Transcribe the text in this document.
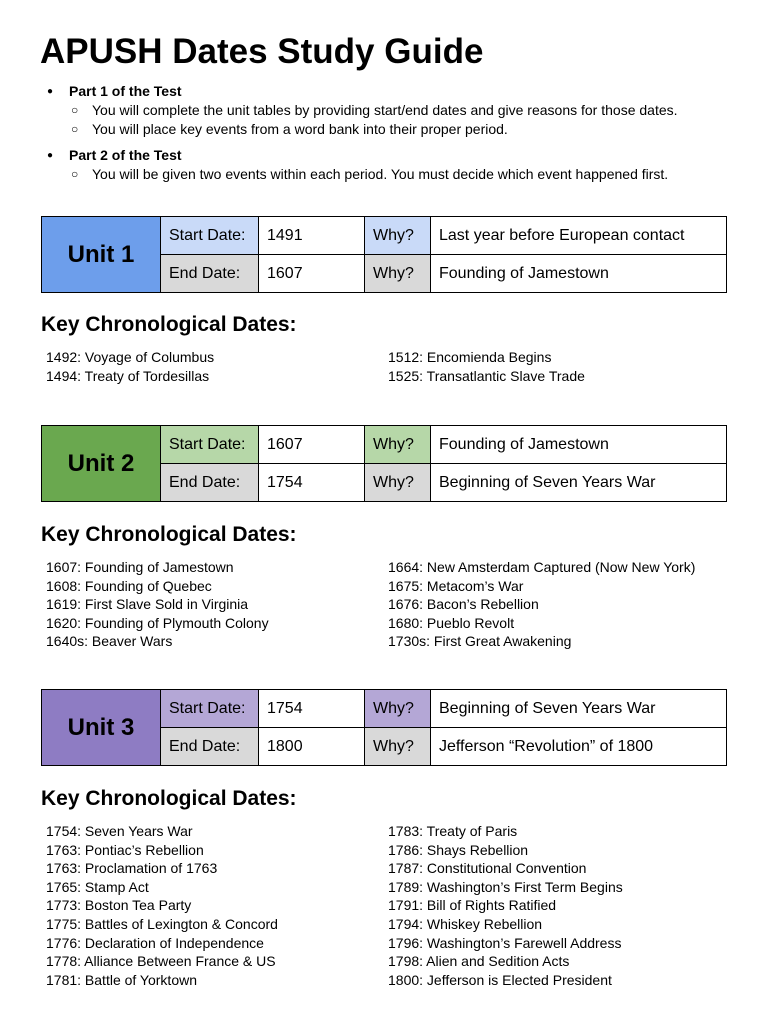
APUSH Dates Study Guide
● Part 1 of the Test
○ You will complete the unit tables by providing start/end dates and give reasons for those dates.
○ You will place key events from a word bank into their proper period.
● Part 2 of the Test
○ You will be given two events within each period. You must decide which event happened first.
Unit 1	Start Date:	1491	Why?	Last year before European contact
	End Date:	1607	Why?	Founding of Jamestown
Key Chronological Dates:
1492: Voyage of Columbus
1494: Treaty of Tordesillas
1512: Encomienda Begins
1525: Transatlantic Slave Trade
Unit 2	Start Date:	1607	Why?	Founding of Jamestown
	End Date:	1754	Why?	Beginning of Seven Years War
Key Chronological Dates:
1607: Founding of Jamestown
1608: Founding of Quebec
1619: First Slave Sold in Virginia
1620: Founding of Plymouth Colony
1640s: Beaver Wars
1664: New Amsterdam Captured (Now New York)
1675: Metacom’s War
1676: Bacon’s Rebellion
1680: Pueblo Revolt
1730s: First Great Awakening
Unit 3	Start Date:	1754	Why?	Beginning of Seven Years War
	End Date:	1800	Why?	Jefferson “Revolution” of 1800
Key Chronological Dates:
1754: Seven Years War
1763: Pontiac’s Rebellion
1763: Proclamation of 1763
1765: Stamp Act
1773: Boston Tea Party
1775: Battles of Lexington & Concord
1776: Declaration of Independence
1778: Alliance Between France & US
1781: Battle of Yorktown
1783: Treaty of Paris
1786: Shays Rebellion
1787: Constitutional Convention
1789: Washington’s First Term Begins
1791: Bill of Rights Ratified
1794: Whiskey Rebellion
1796: Washington’s Farewell Address
1798: Alien and Sedition Acts
1800: Jefferson is Elected President
